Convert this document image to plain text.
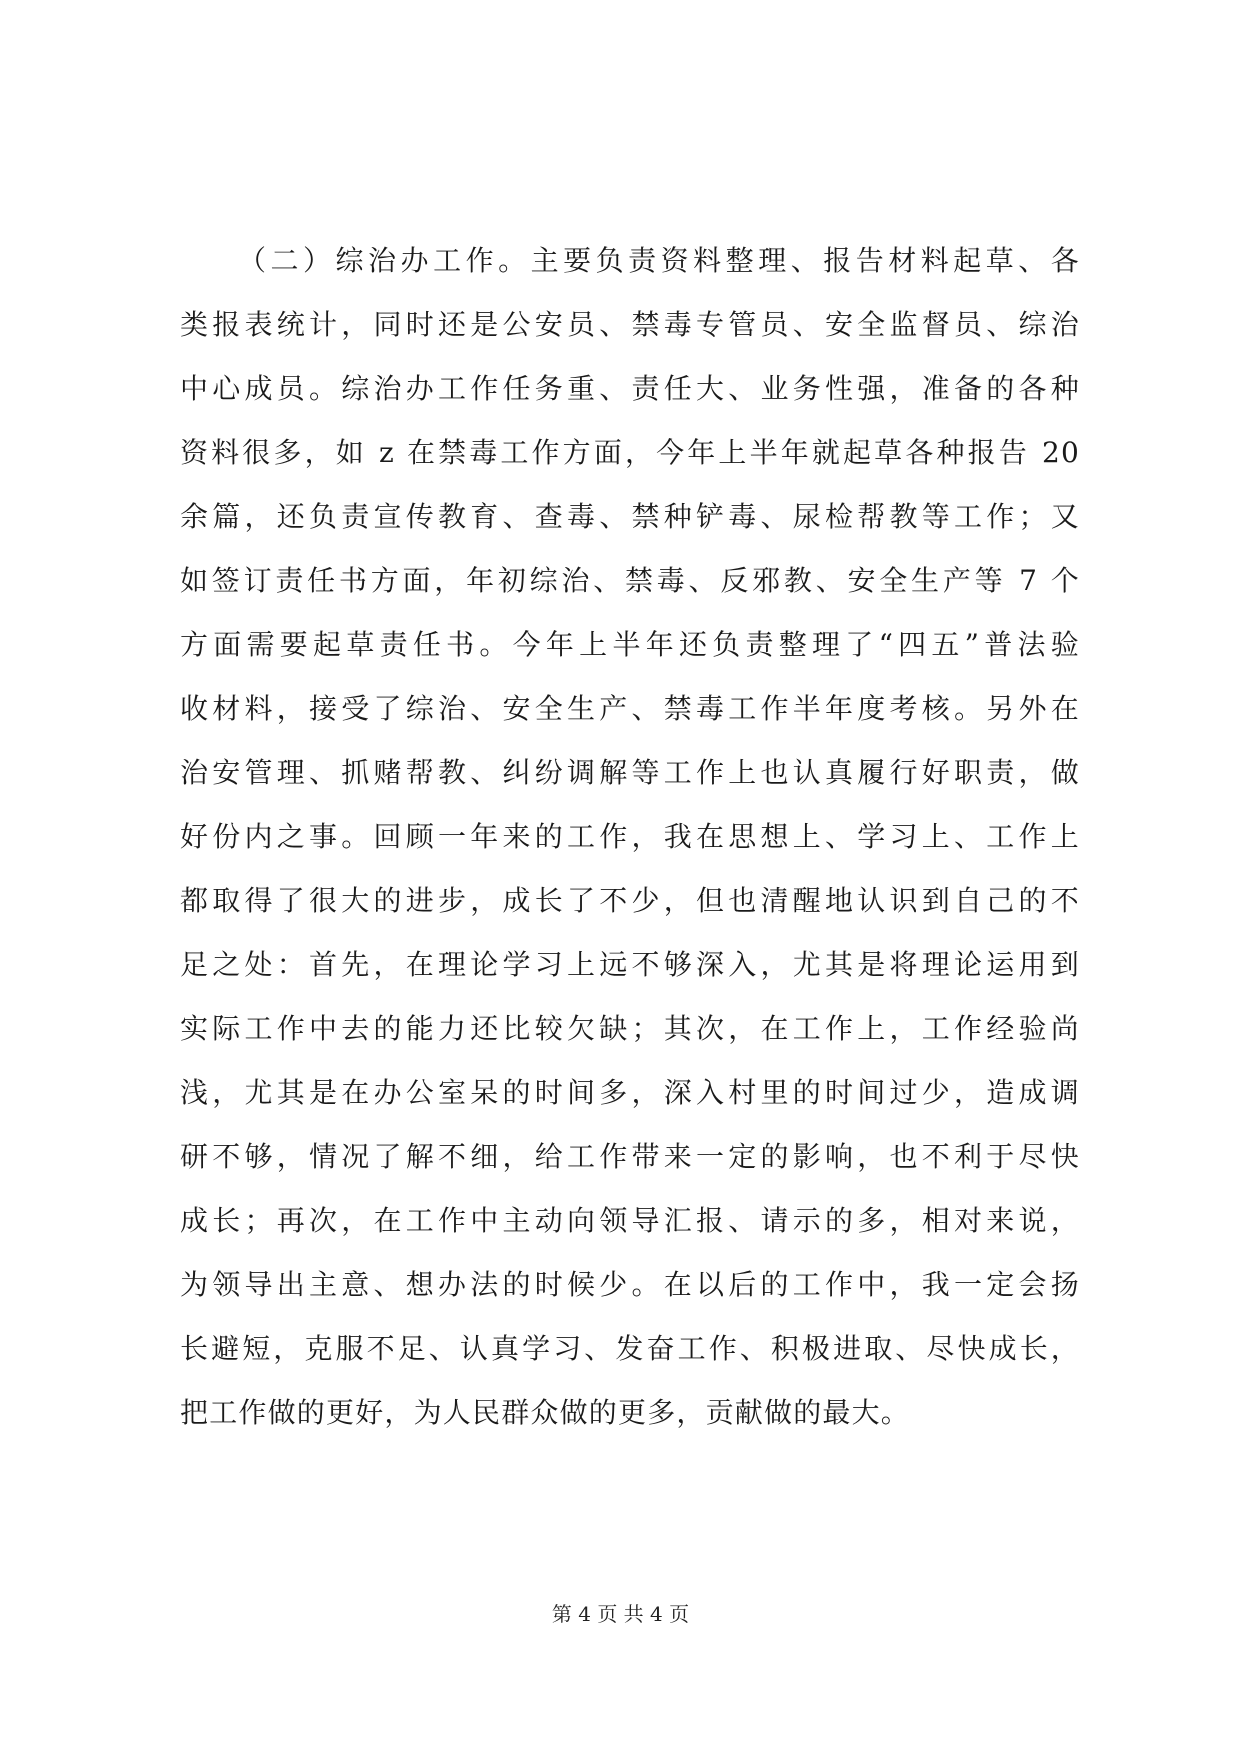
（二）综治办工作。主要负责资料整理、报告材料起草、各
类报表统计，同时还是公安员、禁毒专管员、安全监督员、综治
中心成员。综治办工作任务重、责任大、业务性强，准备的各种
资料很多，如 z 在禁毒工作方面，今年上半年就起草各种报告 20
余篇，还负责宣传教育、查毒、禁种铲毒、尿检帮教等工作；又
如签订责任书方面，年初综治、禁毒、反邪教、安全生产等 7 个
方面需要起草责任书。今年上半年还负责整理了“四五”普法验
收材料，接受了综治、安全生产、禁毒工作半年度考核。另外在
治安管理、抓赌帮教、纠纷调解等工作上也认真履行好职责，做
好份内之事。回顾一年来的工作，我在思想上、学习上、工作上
都取得了很大的进步，成长了不少，但也清醒地认识到自己的不
足之处：首先，在理论学习上远不够深入，尤其是将理论运用到
实际工作中去的能力还比较欠缺；其次，在工作上，工作经验尚
浅，尤其是在办公室呆的时间多，深入村里的时间过少，造成调
研不够，情况了解不细，给工作带来一定的影响，也不利于尽快
成长；再次，在工作中主动向领导汇报、请示的多，相对来说，
为领导出主意、想办法的时候少。在以后的工作中，我一定会扬
长避短，克服不足、认真学习、发奋工作、积极进取、尽快成长，
把工作做的更好，为人民群众做的更多，贡献做的最大。
第 4 页 共 4 页
